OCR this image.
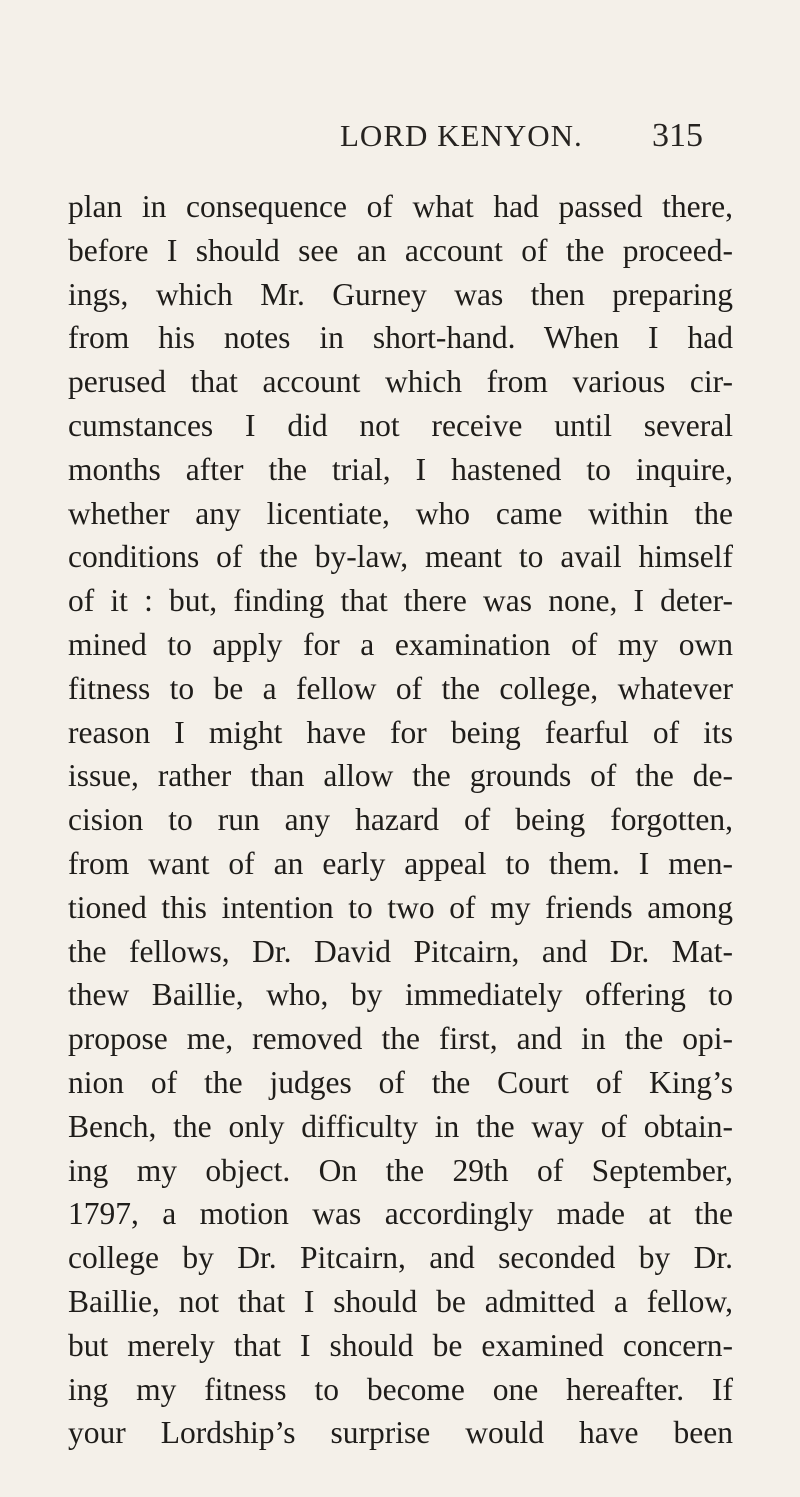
LORD KENYON. 315
plan in consequence of what had passed there,
before I should see an account of the proceed-
ings, which Mr. Gurney was then preparing
from his notes in short-hand. When I had
perused that account which from various cir-
cumstances I did not receive until several
months after the trial, I hastened to inquire,
whether any licentiate, who came within the
conditions of the by-law, meant to avail himself
of it : but, finding that there was none, I deter-
mined to apply for a examination of my own
fitness to be a fellow of the college, whatever
reason I might have for being fearful of its
issue, rather than allow the grounds of the de-
cision to run any hazard of being forgotten,
from want of an early appeal to them. I men-
tioned this intention to two of my friends among
the fellows, Dr. David Pitcairn, and Dr. Mat-
thew Baillie, who, by immediately offering to
propose me, removed the first, and in the opi-
nion of the judges of the Court of King’s
Bench, the only difficulty in the way of obtain-
ing my object. On the 29th of September,
1797, a motion was accordingly made at the
college by Dr. Pitcairn, and seconded by Dr.
Baillie, not that I should be admitted a fellow,
but merely that I should be examined concern-
ing my fitness to become one hereafter. If
your Lordship’s surprise would have been
